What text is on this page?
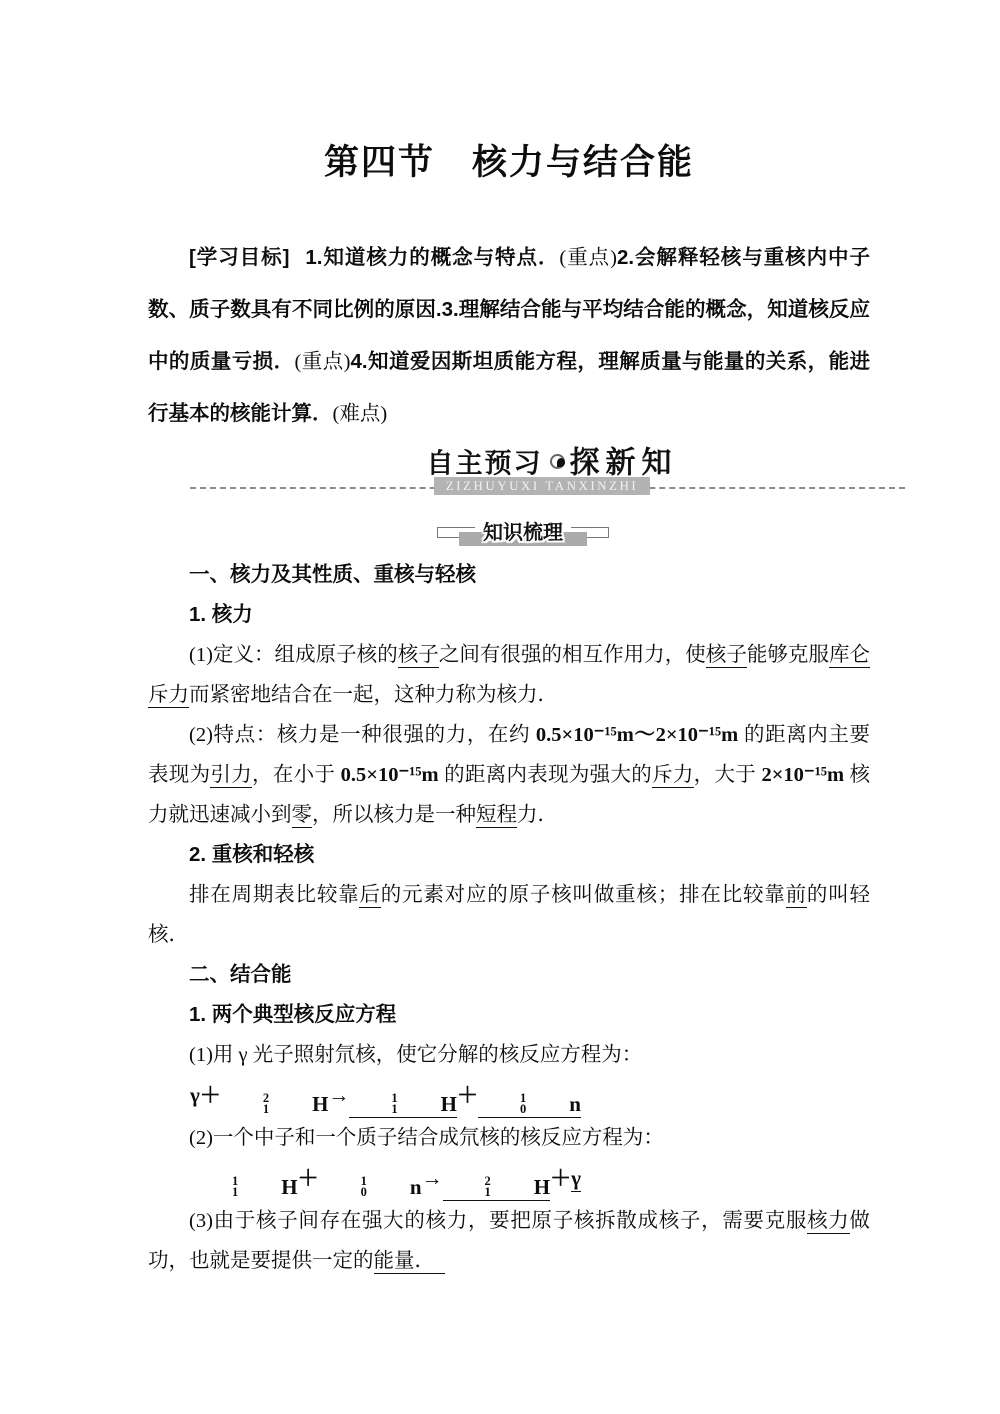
第四节　核力与结合能

[学习目标] 1.知道核力的概念与特点．(重点)2.会解释轻核与重核内中子数、质子数具有不同比例的原因.3.理解结合能与平均结合能的概念，知道核反应中的质量亏损．(重点)4.知道爱因斯坦质能方程，理解质量与能量的关系，能进行基本的核能计算．(难点)

自主预习 探新知
ZIZHUYUXI TANXINZHI
知识梳理

一、核力及其性质、重核与轻核

1. 核力

(1)定义：组成原子核的核子之间有很强的相互作用力，使核子能够克服库仑斥力而紧密地结合在一起，这种力称为核力．

(2)特点：核力是一种很强的力，在约 0.5×10⁻¹⁵m～2×10⁻¹⁵m 的距离内主要表现为引力，在小于 0.5×10⁻¹⁵m 的距离内表现为强大的斥力，大于 2×10⁻¹⁵m 核力就迅速减小到零，所以核力是一种短程力．

2. 重核和轻核

排在周期表比较靠后的元素对应的原子核叫做重核；排在比较靠前的叫轻核．

二、结合能

1. 两个典型核反应方程

(1)用 γ 光子照射氘核，使它分解的核反应方程为：

γ＋	2
1	H →	1
1	H ＋	1
0	n

(2)一个中子和一个质子结合成氘核的核反应方程为：

1
1	H ＋	1
0	n →	2
1	H ＋γ

(3)由于核子间存在强大的核力，要把原子核拆散成核子，需要克服核力做功，也就是要提供一定的能量．　
